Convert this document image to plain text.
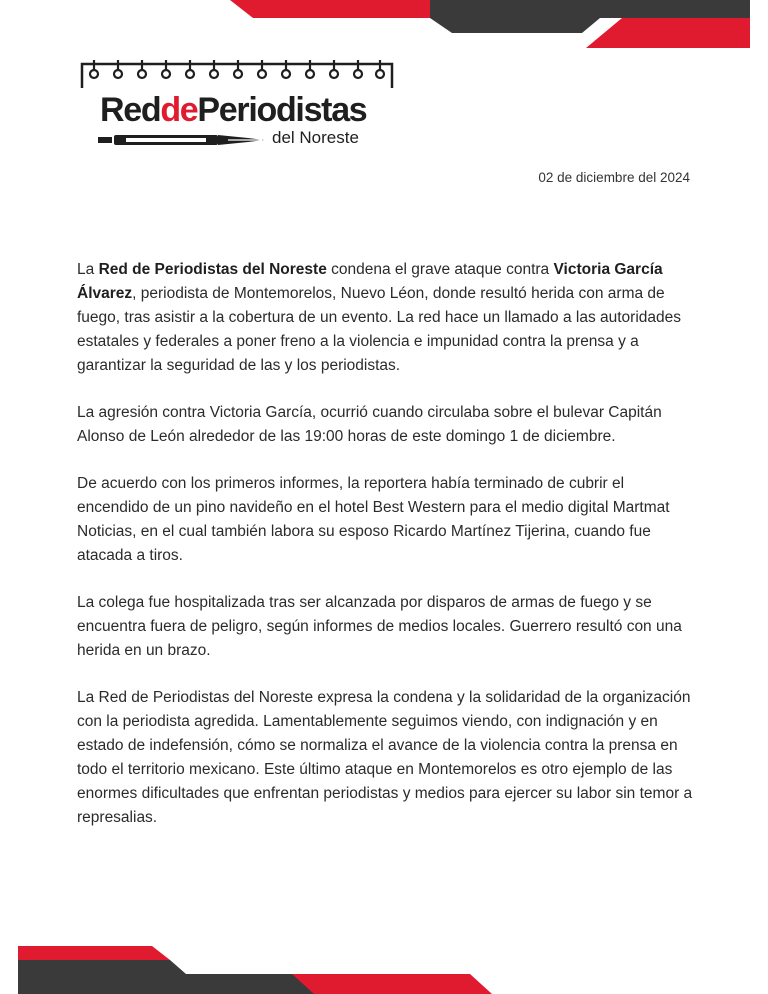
ReddePeriodistas
del Noreste
02 de diciembre del 2024

La Red de Periodistas del Noreste condena el grave ataque contra Victoria García Álvarez, periodista de Montemorelos, Nuevo Léon, donde resultó herida con arma de fuego, tras asistir a la cobertura de un evento. La red hace un llamado a las autoridades estatales y federales a poner freno a la violencia e impunidad contra la prensa y a garantizar la seguridad de las y los periodistas.

La agresión contra Victoria García, ocurrió cuando circulaba sobre el bulevar Capitán Alonso de León alrededor de las 19:00 horas de este domingo 1 de diciembre.

De acuerdo con los primeros informes, la reportera había terminado de cubrir el encendido de un pino navideño en el hotel Best Western para el medio digital Martmat Noticias, en el cual también labora su esposo Ricardo Martínez Tijerina, cuando fue atacada a tiros.

La colega fue hospitalizada tras ser alcanzada por disparos de armas de fuego y se encuentra fuera de peligro, según informes de medios locales. Guerrero resultó con una herida en un brazo.

La Red de Periodistas del Noreste expresa la condena y la solidaridad de la organización con la periodista agredida. Lamentablemente seguimos viendo, con indignación y en estado de indefensión, cómo se normaliza el avance de la violencia contra la prensa en todo el territorio mexicano. Este último ataque en Montemorelos es otro ejemplo de las enormes dificultades que enfrentan periodistas y medios para ejercer su labor sin temor a represalias.
